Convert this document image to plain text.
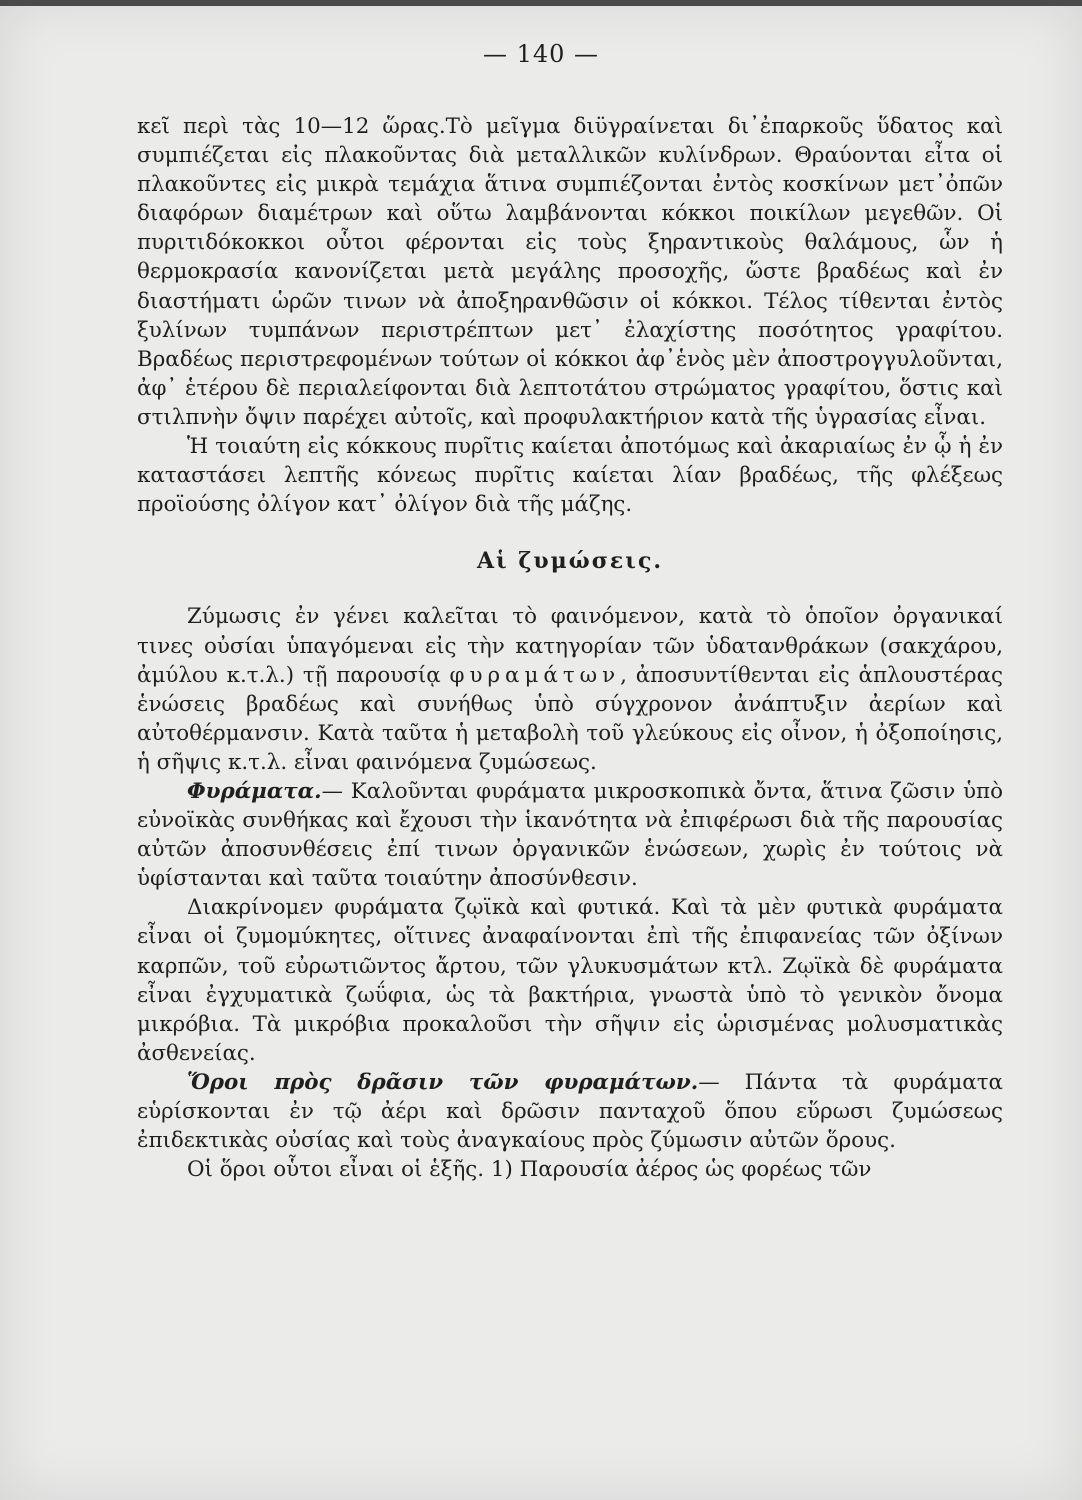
— 140 —

κεῖ περὶ τὰς 10—12 ὥρας.Τὸ μεῖγμα διϋγραίνεται δι᾽ἐπαρκοῦς ὕδατος καὶ συμπιέζεται εἰς πλακοῦντας διὰ μεταλλικῶν κυλίνδρων. Θραύονται εἶτα οἱ πλακοῦντες εἰς μικρὰ τεμάχια ἅτινα συμπιέζονται ἐντὸς κοσκίνων μετ᾽ὀπῶν διαφόρων διαμέτρων καὶ οὕτω λαμβάνονται κόκκοι ποικίλων μεγεθῶν. Οἱ πυριτιδόκοκκοι οὗτοι φέρονται εἰς τοὺς ξηραντικοὺς θαλάμους, ὧν ἡ θερμοκρασία κανονίζεται μετὰ μεγάλης προσοχῆς, ὥστε βραδέως καὶ ἐν διαστήματι ὡρῶν τινων νὰ ἀποξηρανθῶσιν οἱ κόκκοι. Τέλος τίθενται ἐντὸς ξυλίνων τυμπάνων περιστρέπτων μετ᾽ ἐλαχίστης ποσότητος γραφίτου. Βραδέως περιστρεφομένων τούτων οἱ κόκκοι ἀφ᾽ἑνὸς μὲν ἀποστρογγυλοῦνται, ἀφ᾽ ἑτέρου δὲ περιαλείφονται διὰ λεπτοτάτου στρώματος γραφίτου, ὅστις καὶ στιλπνὴν ὄψιν παρέχει αὐτοῖς, καὶ προφυλακτήριον κατὰ τῆς ὑγρασίας εἶναι.

Ἡ τοιαύτη εἰς κόκκους πυρῖτις καίεται ἀποτόμως καὶ ἀκαριαίως ἐν ᾧ ἡ ἐν καταστάσει λεπτῆς κόνεως πυρῖτις καίεται λίαν βραδέως, τῆς φλέξεως προϊούσης ὀλίγον κατ᾽ ὀλίγον διὰ τῆς μάζης.

Αἱ ζυμώσεις.

Ζύμωσις ἐν γένει καλεῖται τὸ φαινόμενον, κατὰ τὸ ὁποῖον ὀργανικαί τινες οὐσίαι ὑπαγόμεναι εἰς τὴν κατηγορίαν τῶν ὑδατανθράκων (σακχάρου, ἀμύλου κ.τ.λ.) τῇ παρουσίᾳ φυραμάτων, ἀποσυντίθενται εἰς ἁπλουστέρας ἑνώσεις βραδέως καὶ συνήθως ὑπὸ σύγχρονον ἀνάπτυξιν ἀερίων καὶ αὐτοθέρμανσιν. Κατὰ ταῦτα ἡ μεταβολὴ τοῦ γλεύκους εἰς οἶνον, ἡ ὀξοποίησις, ἡ σῆψις κ.τ.λ. εἶναι φαινόμενα ζυμώσεως.

Φυράματα.— Καλοῦνται φυράματα μικροσκοπικὰ ὄντα, ἅτινα ζῶσιν ὑπὸ εὐνοϊκὰς συνθήκας καὶ ἔχουσι τὴν ἱκανότητα νὰ ἐπιφέρωσι διὰ τῆς παρουσίας αὐτῶν ἀποσυνθέσεις ἐπί τινων ὀργανικῶν ἑνώσεων, χωρὶς ἐν τούτοις νὰ ὑφίστανται καὶ ταῦτα τοιαύτην ἀποσύνθεσιν.

Διακρίνομεν φυράματα ζῳϊκὰ καὶ φυτικά. Καὶ τὰ μὲν φυτικὰ φυράματα εἶναι οἱ ζυμομύκητες, οἵτινες ἀναφαίνονται ἐπὶ τῆς ἐπιφανείας τῶν ὀξίνων καρπῶν, τοῦ εὐρωτιῶντος ἄρτου, τῶν γλυκυσμάτων κτλ. Ζῳϊκὰ δὲ φυράματα εἶναι ἐγχυματικὰ ζωΰφια, ὡς τὰ βακτήρια, γνωστὰ ὑπὸ τὸ γενικὸν ὄνομα μικρόβια. Τὰ μικρόβια προκαλοῦσι τὴν σῆψιν εἰς ὡρισμένας μολυσματικὰς ἀσθενείας.

Ὅροι πρὸς δρᾶσιν τῶν φυραμάτων.— Πάντα τὰ φυράματα εὑρίσκονται ἐν τῷ ἀέρι καὶ δρῶσιν πανταχοῦ ὅπου εὕρωσι ζυμώσεως ἐπιδεκτικὰς οὐσίας καὶ τοὺς ἀναγκαίους πρὸς ζύμωσιν αὐτῶν ὅρους.

Οἱ ὅροι οὗτοι εἶναι οἱ ἑξῆς. 1) Παρουσία ἀέρος ὡς φορέως τῶν
